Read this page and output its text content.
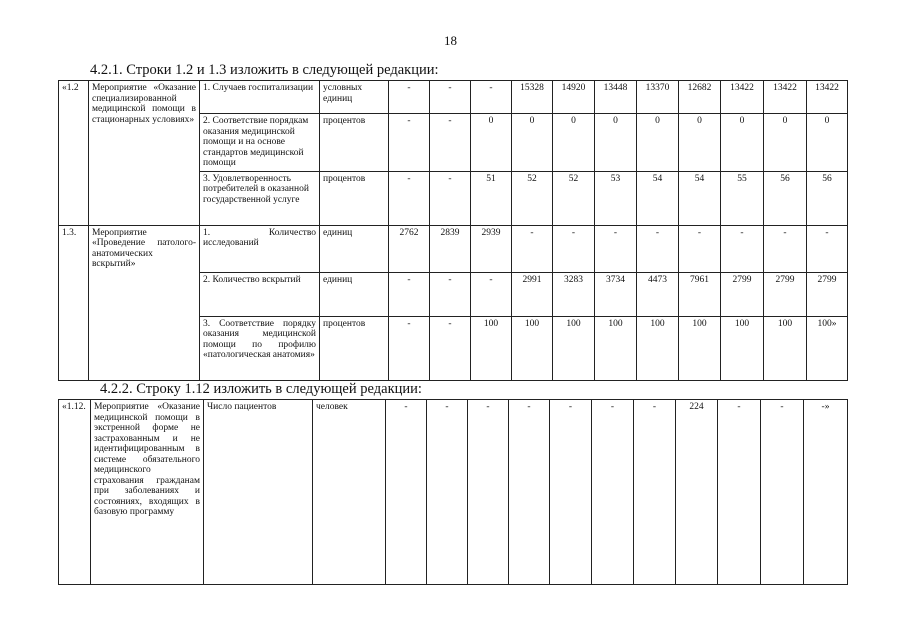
18
4.2.1. Строки 1.2 и 1.3 изложить в следующей редакции:
«1.2	Мероприятие «Оказание специализированной медицинской помощи в стационарных условиях»	1. Случаев госпитализации	условных единиц	-	-	-	15328	14920	13448	13370	12682	13422	13422	13422
		2. Соответствие порядкам оказания медицинской помощи и на основе стандартов медицинской помощи	процентов	-	-	0	0	0	0	0	0	0	0	0
		3. Удовлетворенность потребителей в оказанной государственной услуге	процентов	-	-	51	52	52	53	54	54	55	56	56
1.3.	Мероприятие «Проведение патолого-анатомических вскрытий»	1. Количество исследований	единиц	2762	2839	2939	-	-	-	-	-	-	-	-
		2. Количество вскрытий	единиц	-	-	-	2991	3283	3734	4473	7961	2799	2799	2799
		3. Соответствие порядку оказания медицинской помощи по профилю «патологическая анатомия»	процентов	-	-	100	100	100	100	100	100	100	100	100»
4.2.2. Строку 1.12 изложить в следующей редакции:
«1.12.	Мероприятие «Оказание медицинской помощи в экстренной форме не застрахованным и не идентифицированным в системе обязательного медицинского страхования гражданам при заболеваниях и состояниях, входящих в базовую программу	Число пациентов	человек	-	-	-	-	-	-	-	224	-	-	-»
